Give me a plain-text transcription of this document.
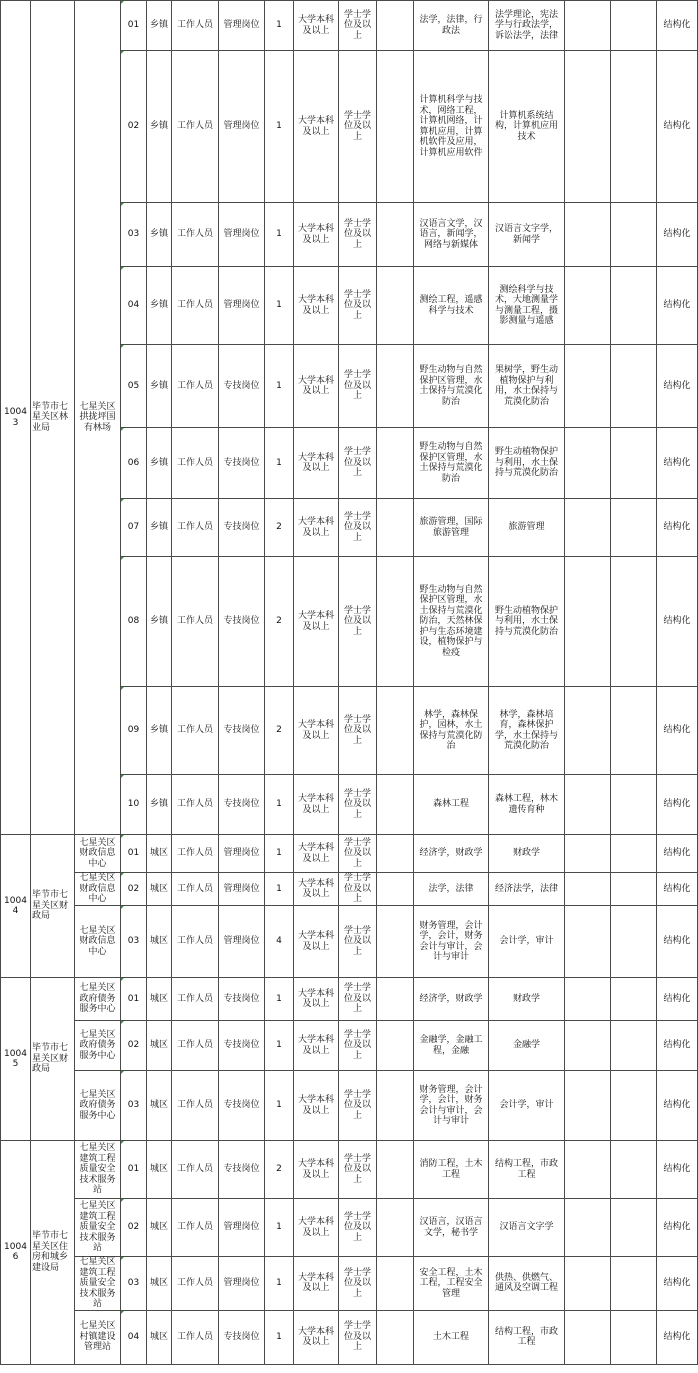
10043	毕节市七星关区林业局	七星关区拱拢坪国有林场	01	乡镇	工作人员	管理岗位	1	大学本科及以上	学士学位及以上		法学，法律，行政法	法学理论，宪法学与行政法学，诉讼法学，法律			结构化
			02	乡镇	工作人员	管理岗位	1	大学本科及以上	学士学位及以上		计算机科学与技术，网络工程，计算机网络，计算机应用，计算机软件及应用，计算机应用软件	计算机系统结构，计算机应用技术			结构化
			03	乡镇	工作人员	管理岗位	1	大学本科及以上	学士学位及以上		汉语言文学，汉语言，新闻学，网络与新媒体	汉语言文字学，新闻学			结构化
			04	乡镇	工作人员	管理岗位	1	大学本科及以上	学士学位及以上		测绘工程，遥感科学与技术	测绘科学与技术，大地测量学与测量工程，摄影测量与遥感			结构化
			05	乡镇	工作人员	专技岗位	1	大学本科及以上	学士学位及以上		野生动物与自然保护区管理，水土保持与荒漠化防治	果树学，野生动植物保护与利用，水土保持与荒漠化防治			结构化
			06	乡镇	工作人员	专技岗位	1	大学本科及以上	学士学位及以上		野生动物与自然保护区管理，水土保持与荒漠化防治	野生动植物保护与利用，水土保持与荒漠化防治			结构化
			07	乡镇	工作人员	专技岗位	2	大学本科及以上	学士学位及以上		旅游管理，国际旅游管理	旅游管理			结构化
			08	乡镇	工作人员	专技岗位	2	大学本科及以上	学士学位及以上		野生动物与自然保护区管理，水土保持与荒漠化防治，天然林保护与生态环境建设，植物保护与检疫	野生动植物保护与利用，水土保持与荒漠化防治			结构化
			09	乡镇	工作人员	专技岗位	2	大学本科及以上	学士学位及以上		林学，森林保护，园林，水土保持与荒漠化防治	林学，森林培育，森林保护学，水土保持与荒漠化防治			结构化
			10	乡镇	工作人员	专技岗位	1	大学本科及以上	学士学位及以上		森林工程	森林工程，林木遗传育种			结构化
10044	毕节市七星关区财政局	七星关区财政信息中心	01	城区	工作人员	管理岗位	1	大学本科及以上	学士学位及以上		经济学，财政学	财政学			结构化
		七星关区财政信息中心	02	城区	工作人员	管理岗位	1	大学本科及以上	学士学位及以上		法学，法律	经济法学，法律			结构化
		七星关区财政信息中心	03	城区	工作人员	管理岗位	4	大学本科及以上	学士学位及以上		财务管理，会计学，会计，财务会计与审计，会计与审计	会计学，审计			结构化
10045	毕节市七星关区财政局	七星关区政府债务服务中心	01	城区	工作人员	专技岗位	1	大学本科及以上	学士学位及以上		经济学，财政学	财政学			结构化
		七星关区政府债务服务中心	02	城区	工作人员	专技岗位	1	大学本科及以上	学士学位及以上		金融学，金融工程，金融	金融学			结构化
		七星关区政府债务服务中心	03	城区	工作人员	专技岗位	1	大学本科及以上	学士学位及以上		财务管理，会计学，会计，财务会计与审计，会计与审计	会计学，审计			结构化
10046	毕节市七星关区住房和城乡建设局	七星关区建筑工程质量安全技术服务站	01	城区	工作人员	专技岗位	2	大学本科及以上	学士学位及以上		消防工程，土木工程	结构工程，市政工程			结构化
		七星关区建筑工程质量安全技术服务站	02	城区	工作人员	管理岗位	1	大学本科及以上	学士学位及以上		汉语言，汉语言文学，秘书学	汉语言文字学			结构化
		七星关区建筑工程质量安全技术服务站	03	城区	工作人员	管理岗位	1	大学本科及以上	学士学位及以上		安全工程，土木工程，工程安全管理	供热、供燃气、通风及空调工程			结构化
		七星关区村镇建设管理站	04	城区	工作人员	专技岗位	1	大学本科及以上	学士学位及以上		土木工程	结构工程，市政工程			结构化
